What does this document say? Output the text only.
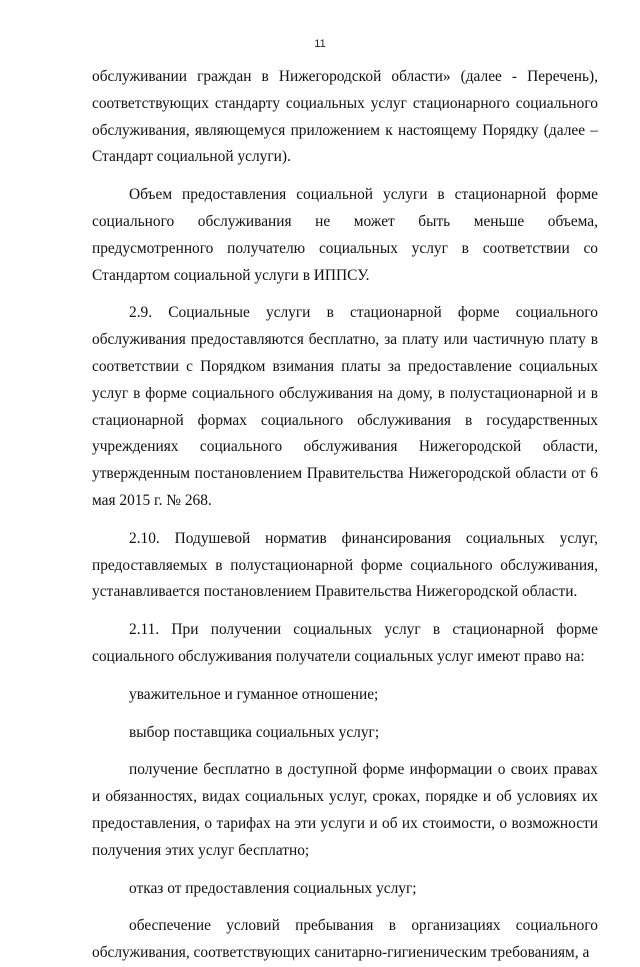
11

обслуживании граждан в Нижегородской области» (далее - Перечень), соответствующих стандарту социальных услуг стационарного социального обслуживания, являющемуся приложением к настоящему Порядку (далее – Стандарт социальной услуги).

Объем предоставления социальной услуги в стационарной форме социального обслуживания не может быть меньше объема, предусмотренного получателю социальных услуг в соответствии со Стандартом социальной услуги в ИППСУ.

2.9. Социальные услуги в стационарной форме социального обслуживания предоставляются бесплатно, за плату или частичную плату в соответствии с Порядком взимания платы за предоставление социальных услуг в форме социального обслуживания на дому, в полустационарной и в стационарной формах социального обслуживания в государственных учреждениях социального обслуживания Нижегородской области, утвержденным постановлением Правительства Нижегородской области от 6 мая 2015 г. № 268.

2.10. Подушевой норматив финансирования социальных услуг, предоставляемых в полустационарной форме социального обслуживания, устанавливается постановлением Правительства Нижегородской области.

2.11. При получении социальных услуг в стационарной форме социального обслуживания получатели социальных услуг имеют право на:

уважительное и гуманное отношение;

выбор поставщика социальных услуг;

получение бесплатно в доступной форме информации о своих правах и обязанностях, видах социальных услуг, сроках, порядке и об условиях их предоставления, о тарифах на эти услуги и об их стоимости, о возможности получения этих услуг бесплатно;

отказ от предоставления социальных услуг;

обеспечение условий пребывания в организациях социального обслуживания, соответствующих санитарно-гигиеническим требованиям, а
